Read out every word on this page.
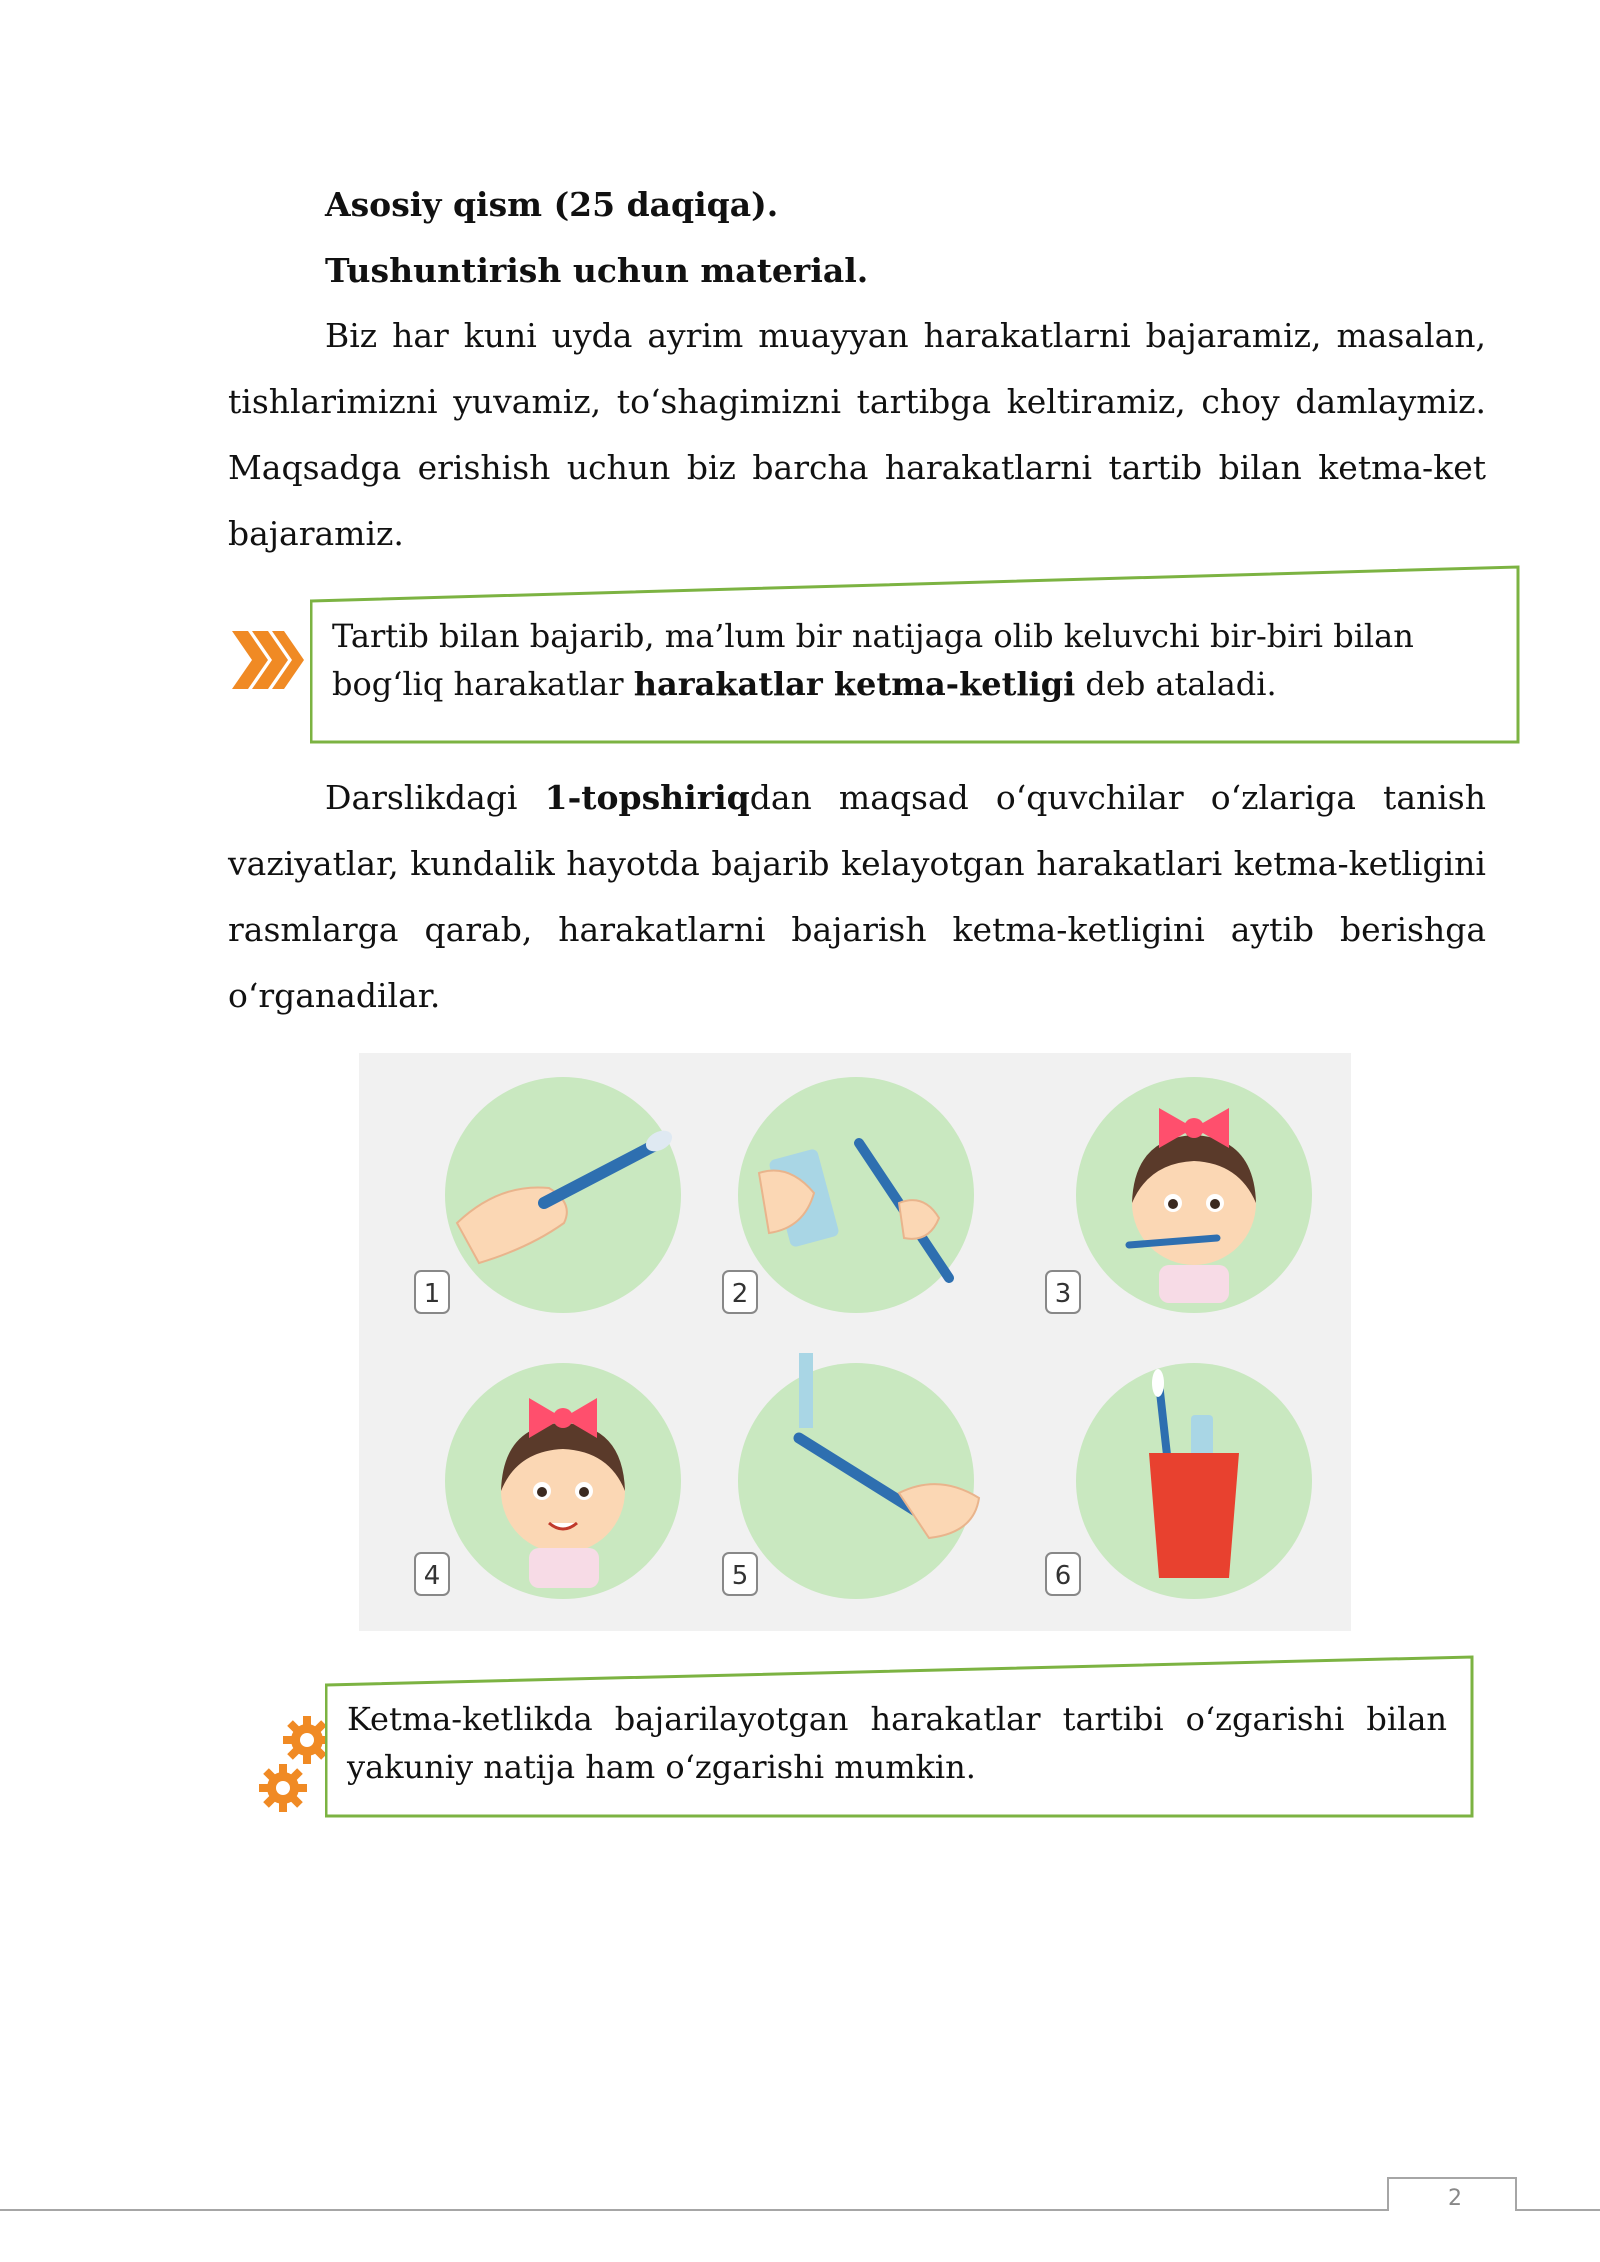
Asosiy qism (25 daqiqa).
Tushuntirish uchun material.

Biz har kuni uyda ayrim muayyan harakatlarni bajaramiz, masalan, tishlarimizni yuvamiz, to‘shagimizni tartibga keltiramiz, choy damlaymiz. Maqsadga erishish uchun biz barcha harakatlarni tartib bilan ketma-ket bajaramiz.

Tartib bilan bajarib, ma’lum bir natijaga olib keluvchi bir-biri bilan bog‘liq harakatlar harakatlar ketma-ketligi deb ataladi.

Darslikdagi 1-topshiriqdan maqsad o‘quvchilar o‘zlariga tanish vaziyatlar, kundalik hayotda bajarib kelayotgan harakatlari ketma-ketligini rasmlarga qarab, harakatlarni bajarish ketma-ketligini aytib berishga o‘rganadilar.

1	2	3
4	5	6

Ketma-ketlikda bajarilayotgan harakatlar tartibi o‘zgarishi bilan yakuniy natija ham o‘zgarishi mumkin.

2
